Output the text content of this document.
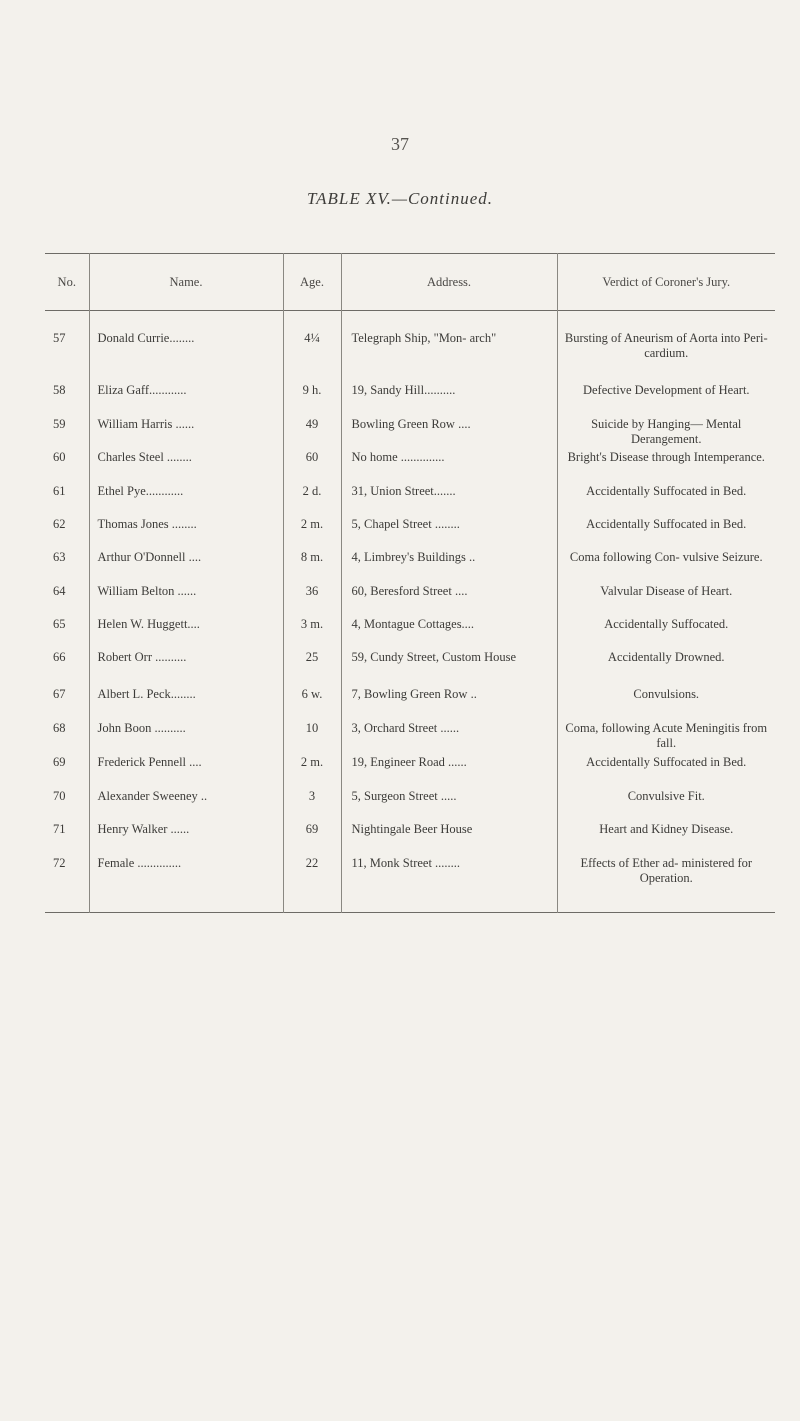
37
TABLE XV.—Continued.
No.	Name.	Age.	Address.	Verdict of Coroner's Jury.

57	Donald Currie........	4¼	Telegraph Ship, "Mon- arch"	Bursting of Aneurism of Aorta into Peri- cardium.
58	Eliza Gaff............	9 h.	19, Sandy Hill..........	Defective Development of Heart.
59	William Harris ......	49	Bowling Green Row ....	Suicide by Hanging— Mental Derangement.
60	Charles Steel ........	60	No home ..............	Bright's Disease through Intemperance.
61	Ethel Pye............	2 d.	31, Union Street.......	Accidentally Suffocated in Bed.
62	Thomas Jones ........	2 m.	5, Chapel Street ........	Accidentally Suffocated in Bed.
63	Arthur O'Donnell ....	8 m.	4, Limbrey's Buildings ..	Coma following Con- vulsive Seizure.
64	William Belton ......	36	60, Beresford Street ....	Valvular Disease of Heart.
65	Helen W. Huggett....	3 m.	4, Montague Cottages....	Accidentally Suffocated.
66	Robert Orr ..........	25	59, Cundy Street, Custom House	Accidentally Drowned.
67	Albert L. Peck........	6 w.	7, Bowling Green Row ..	Convulsions.
68	John Boon ..........	10	3, Orchard Street ......	Coma, following Acute Meningitis from fall.
69	Frederick Pennell ....	2 m.	19, Engineer Road ......	Accidentally Suffocated in Bed.
70	Alexander Sweeney ..	3	5, Surgeon Street .....	Convulsive Fit.
71	Henry Walker ......	69	Nightingale Beer House	Heart and Kidney Disease.
72	Female ..............	22	11, Monk Street ........	Effects of Ether ad- ministered for Operation.
